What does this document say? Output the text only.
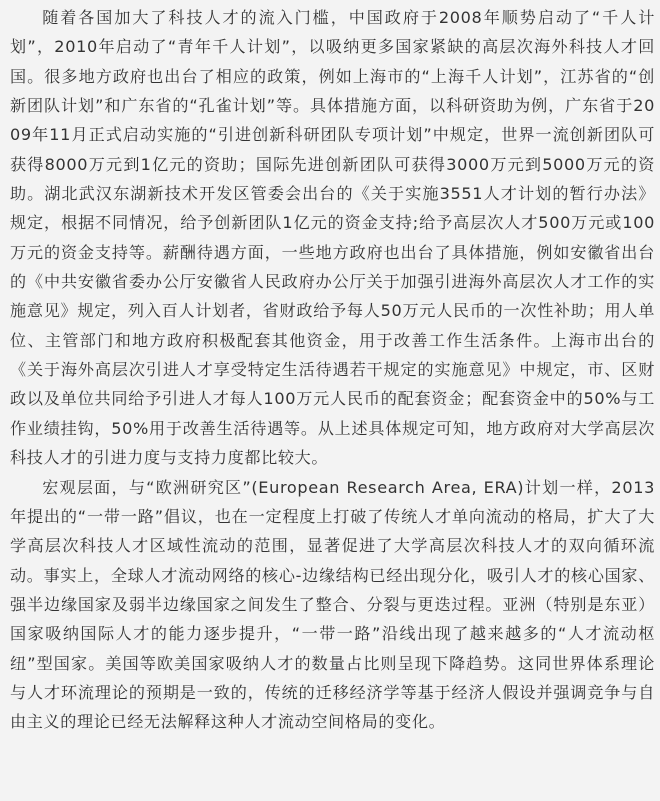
随着各国加大了科技人才的流入门槛，中国政府于2008年顺势启动了“千人计划”，2010年启动了“青年千人计划”，以吸纳更多国家紧缺的高层次海外科技人才回国。很多地方政府也出台了相应的政策，例如上海市的“上海千人计划”，江苏省的“创新团队计划”和广东省的“孔雀计划”等。具体措施方面，以科研资助为例，广东省于2009年11月正式启动实施的“引进创新科研团队专项计划”中规定，世界一流创新团队可获得8000万元到1亿元的资助；国际先进创新团队可获得3000万元到5000万元的资助。湖北武汉东湖新技术开发区管委会出台的《关于实施3551人才计划的暂行办法》规定，根据不同情况，给予创新团队1亿元的资金支持;给予高层次人才500万元或100万元的资金支持等。薪酬待遇方面，一些地方政府也出台了具体措施，例如安徽省出台的《中共安徽省委办公厅安徽省人民政府办公厅关于加强引进海外高层次人才工作的实施意见》规定，列入百人计划者，省财政给予每人50万元人民币的一次性补助；用人单位、主管部门和地方政府积极配套其他资金，用于改善工作生活条件。上海市出台的《关于海外高层次引进人才享受特定生活待遇若干规定的实施意见》中规定，市、区财政以及单位共同给予引进人才每人100万元人民币的配套资金；配套资金中的50%与工作业绩挂钩，50%用于改善生活待遇等。从上述具体规定可知，地方政府对大学高层次科技人才的引进力度与支持力度都比较大。

宏观层面，与“欧洲研究区”(European Research Area, ERA)计划一样，2013年提出的“一带一路”倡议，也在一定程度上打破了传统人才单向流动的格局，扩大了大学高层次科技人才区域性流动的范围，显著促进了大学高层次科技人才的双向循环流动。事实上，全球人才流动网络的核心-边缘结构已经出现分化，吸引人才的核心国家、强半边缘国家及弱半边缘国家之间发生了整合、分裂与更迭过程。亚洲（特别是东亚）国家吸纳国际人才的能力逐步提升，“一带一路”沿线出现了越来越多的“人才流动枢纽”型国家。美国等欧美国家吸纳人才的数量占比则呈现下降趋势。这同世界体系理论与人才环流理论的预期是一致的，传统的迁移经济学等基于经济人假设并强调竞争与自由主义的理论已经无法解释这种人才流动空间格局的变化。
